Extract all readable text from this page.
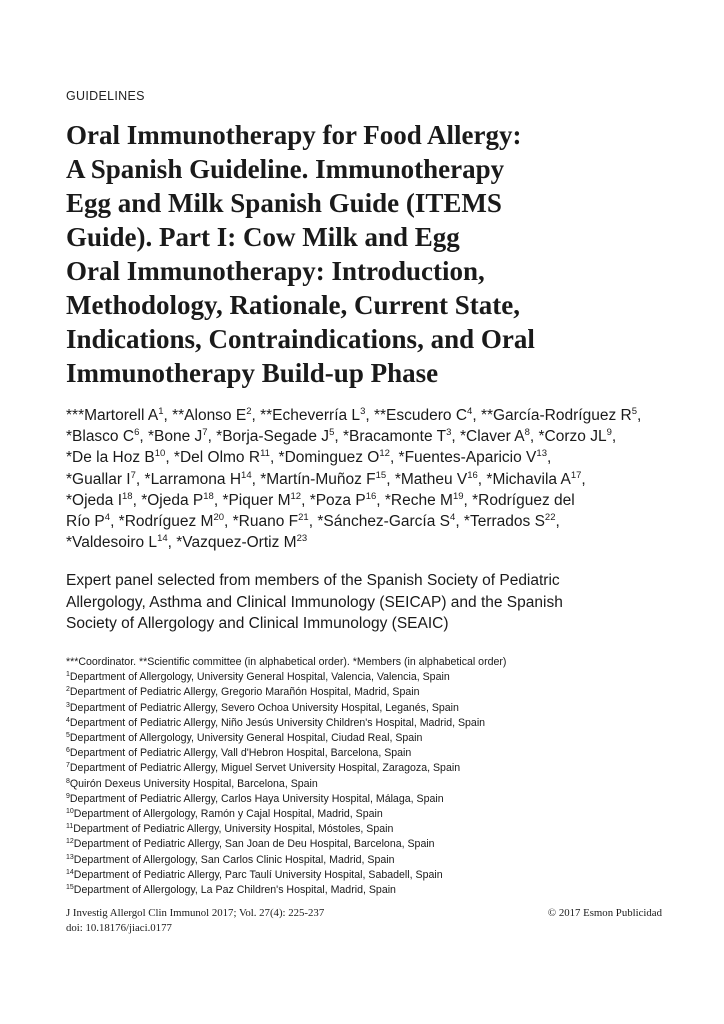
GUIDELINES
Oral Immunotherapy for Food Allergy:
A Spanish Guideline. Immunotherapy
Egg and Milk Spanish Guide (ITEMS
Guide). Part I: Cow Milk and Egg
Oral Immunotherapy: Introduction,
Methodology, Rationale, Current State,
Indications, Contraindications, and Oral
Immunotherapy Build-up Phase
***Martorell $A^1$, **Alonso $E^2$, **Echeverría $L^3$, **Escudero $C^4$, **García-Rodríguez $R^5$,
*Blasco $C^6$, *Bone $J^7$, *Borja-Segade $J^5$, *Bracamonte $T^3$, *Claver $A^8$, *Corzo $JL^9$,
*De la Hoz $B^{10}$, *Del Olmo $R^{11}$, *Dominguez $O^{12}$, *Fuentes-Aparicio $V^{13}$,
*Guallar $I^7$, *Larramona $H^{14}$, *Martín-Muñoz $F^{15}$, *Matheu $V^{16}$, *Michavila $A^{17}$,
*Ojeda $I^{18}$, *Ojeda $P^{18}$, *Piquer $M^{12}$, *Poza $P^{16}$, *Reche $M^{19}$, *Rodríguez del
Río $P^4$, *Rodríguez $M^{20}$, *Ruano $F^{21}$, *Sánchez-García $S^4$, *Terrados $S^{22}$,
*Valdesoiro $L^{14}$, *Vazquez-Ortiz $M^{23}$
Expert panel selected from members of the Spanish Society of Pediatric
Allergology, Asthma and Clinical Immunology (SEICAP) and the Spanish
Society of Allergology and Clinical Immunology (SEAIC)
***Coordinator. **Scientific committee (in alphabetical order). *Members (in alphabetical order)
$^1$Department of Allergology, University General Hospital, Valencia, Valencia, Spain
$^2$Department of Pediatric Allergy, Gregorio Marañón Hospital, Madrid, Spain
$^3$Department of Pediatric Allergy, Severo Ochoa University Hospital, Leganés, Spain
$^4$Department of Pediatric Allergy, Niño Jesús University Children's Hospital, Madrid, Spain
$^5$Department of Allergology, University General Hospital, Ciudad Real, Spain
$^6$Department of Pediatric Allergy, Vall d'Hebron Hospital, Barcelona, Spain
$^7$Department of Pediatric Allergy, Miguel Servet University Hospital, Zaragoza, Spain
$^8$Quirón Dexeus University Hospital, Barcelona, Spain
$^9$Department of Pediatric Allergy, Carlos Haya University Hospital, Málaga, Spain
$^{10}$Department of Allergology, Ramón y Cajal Hospital, Madrid, Spain
$^{11}$Department of Pediatric Allergy, University Hospital, Móstoles, Spain
$^{12}$Department of Pediatric Allergy, San Joan de Deu Hospital, Barcelona, Spain
$^{13}$Department of Allergology, San Carlos Clinic Hospital, Madrid, Spain
$^{14}$Department of Pediatric Allergy, Parc Taulí University Hospital, Sabadell, Spain
$^{15}$Department of Allergology, La Paz Children's Hospital, Madrid, Spain
J Investig Allergol Clin Immunol 2017; Vol. 27(4): 225-237
doi: 10.18176/jiaci.0177
© 2017 Esmon Publicidad
